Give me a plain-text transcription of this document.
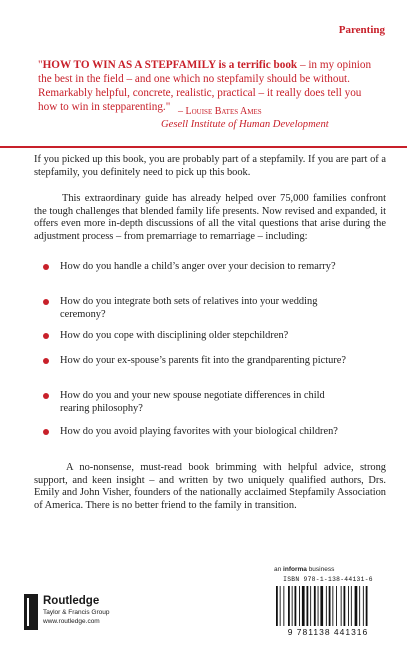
Parenting
"HOW TO WIN AS A STEPFAMILY is a terrific book – in my opinion the best in the field – and one which no stepfamily should be without. Remarkably helpful, concrete, realistic, practical – it really does tell you how to win in stepparenting." – Louise Bates Ames
Gesell Institute of Human Development
If you picked up this book, you are probably part of a stepfamily. If you are part of a stepfamily, you definitely need to pick up this book.
This extraordinary guide has already helped over 75,000 families confront the tough challenges that blended family life presents. Now revised and expanded, it offers even more in-depth discussions of all the vital questions that arise during the adjustment process – from premarriage to remarriage – including:
How do you handle a child’s anger over your decision to remarry?
How do you integrate both sets of relatives into your wedding ceremony?
How do you cope with disciplining older stepchildren?
How do your ex-spouse’s parents fit into the grandparenting picture?
How do you and your new spouse negotiate differences in child rearing philosophy?
How do you avoid playing favorites with your biological children?
A no-nonsense, must-read book brimming with helpful advice, strong support, and keen insight – and written by two uniquely qualified authors, Drs. Emily and John Visher, founders of the nationally acclaimed Stepfamily Association of America. There is no better friend to the family in transition.
an informa business
Routledge
Taylor & Francis Group
www.routledge.com
ISBN 978-1-138-44131-6
9 781138 441316
